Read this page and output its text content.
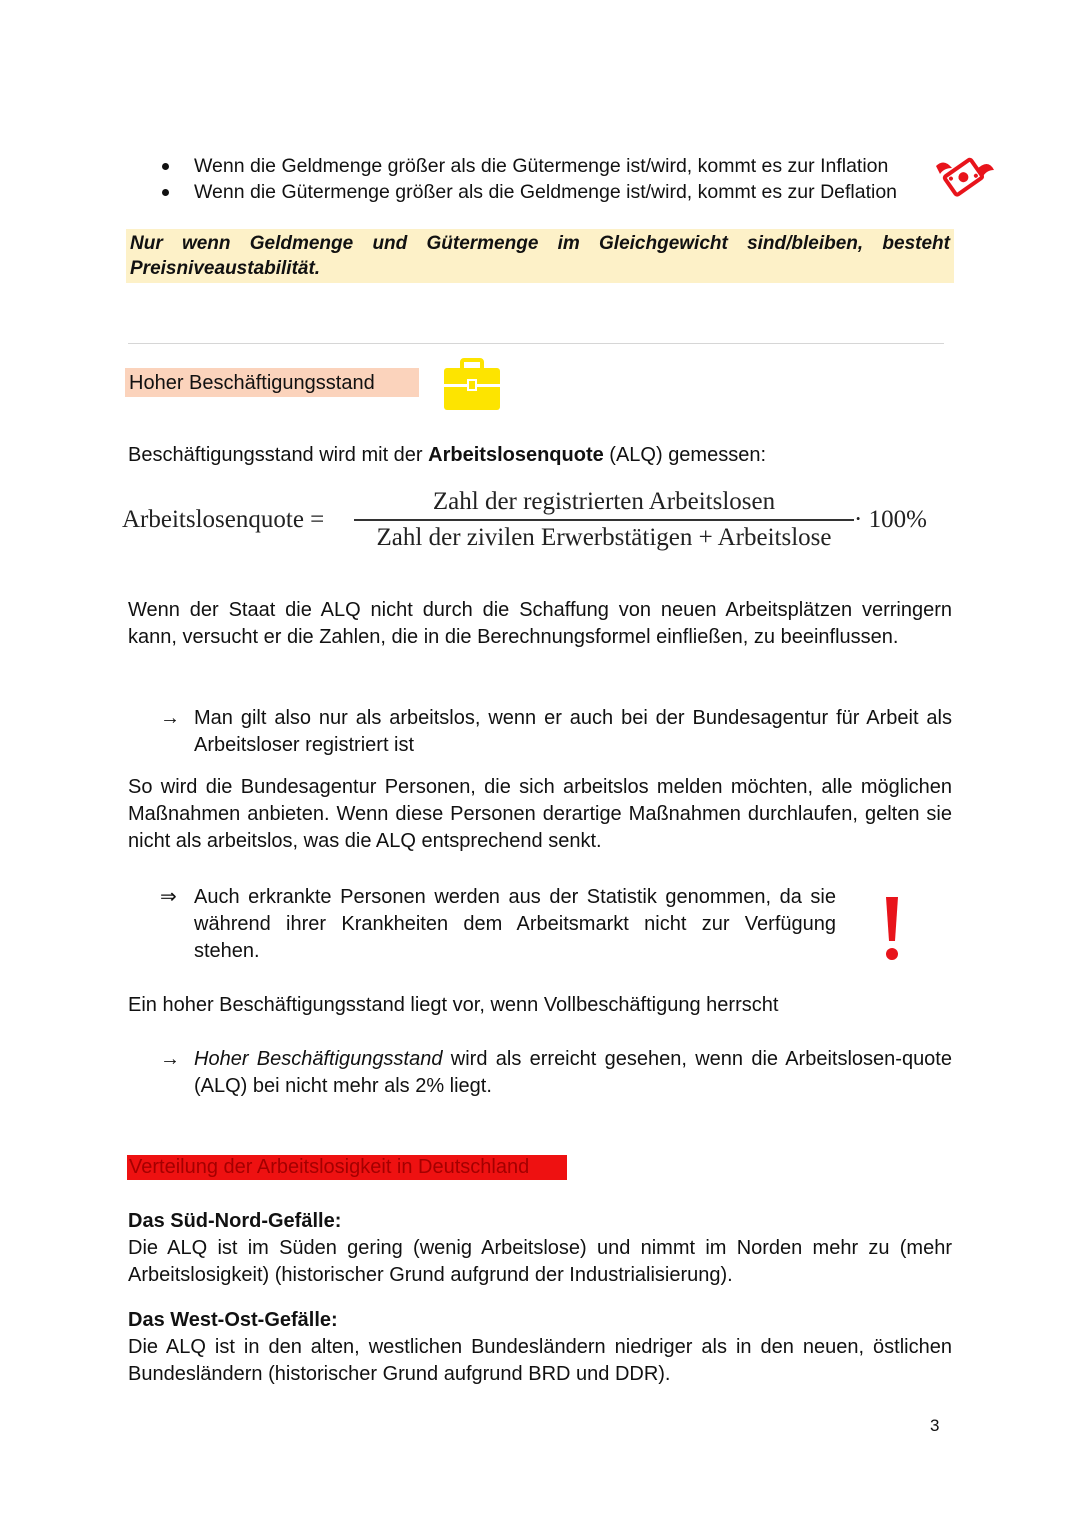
Wenn die Geldmenge größer als die Gütermenge ist/wird, kommt es zur Inflation
Wenn die Gütermenge größer als die Geldmenge ist/wird, kommt es zur Deflation
Nur wenn Geldmenge und Gütermenge im Gleichgewicht sind/bleiben, besteht
Preisniveaustabilität.
Hoher Beschäftigungsstand
Beschäftigungsstand wird mit der Arbeitslosenquote (ALQ) gemessen:
Arbeitslosenquote =
Zahl der registrierten Arbeitslosen
Zahl der zivilen Erwerbstätigen + Arbeitslose
· 100%
Wenn der Staat die ALQ nicht durch die Schaffung von neuen Arbeitsplätzen verringern kann, versucht er die Zahlen, die in die Berechnungsformel einfließen, zu beeinflussen.
→ Man gilt also nur als arbeitslos, wenn er auch bei der Bundesagentur für Arbeit als Arbeitsloser registriert ist
So wird die Bundesagentur Personen, die sich arbeitslos melden möchten, alle möglichen Maßnahmen anbieten. Wenn diese Personen derartige Maßnahmen durchlaufen, gelten sie nicht als arbeitslos, was die ALQ entsprechend senkt.
⇒ Auch erkrankte Personen werden aus der Statistik genommen, da sie während ihrer Krankheiten dem Arbeitsmarkt nicht zur Verfügung stehen.
Ein hoher Beschäftigungsstand liegt vor, wenn Vollbeschäftigung herrscht
→ Hoher Beschäftigungsstand wird als erreicht gesehen, wenn die Arbeitslosen-quote (ALQ) bei nicht mehr als 2% liegt.
Verteilung der Arbeitslosigkeit in Deutschland
Das Süd-Nord-Gefälle:
Die ALQ ist im Süden gering (wenig Arbeitslose) und nimmt im Norden mehr zu (mehr Arbeitslosigkeit) (historischer Grund aufgrund der Industrialisierung).
Das West-Ost-Gefälle:
Die ALQ ist in den alten, westlichen Bundesländern niedriger als in den neuen, östlichen Bundesländern (historischer Grund aufgrund BRD und DDR).
3
